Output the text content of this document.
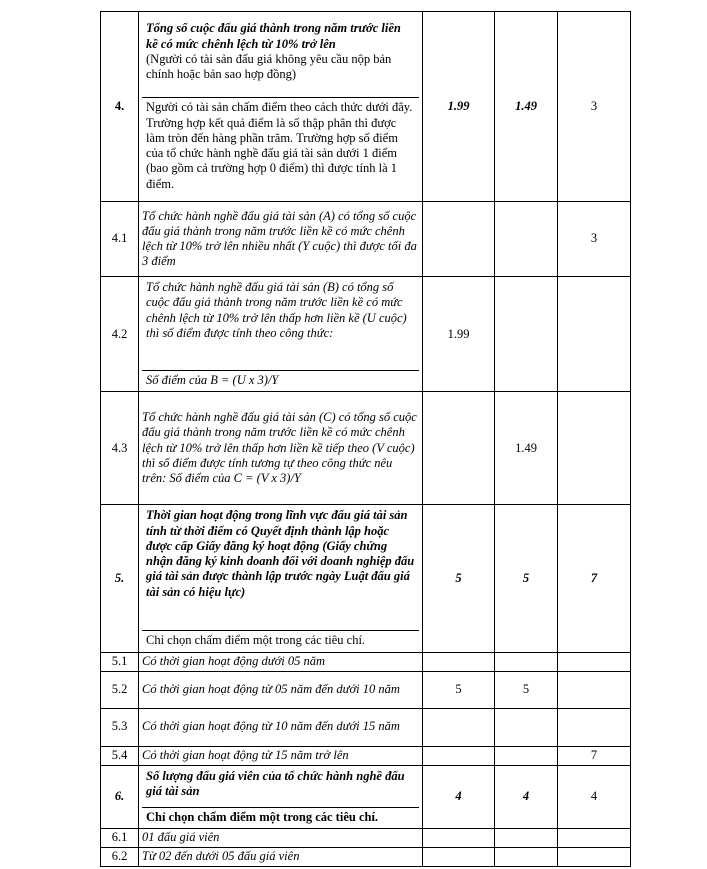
4.	Tổng số cuộc đấu giá thành trong năm trước liền kề có mức chênh lệch từ 10% trở lên
(Người có tài sản đấu giá không yêu cầu nộp bản chính hoặc bản sao hợp đồng)
Người có tài sản chấm điểm theo cách thức dưới đây. Trường hợp kết quả điểm là số thập phân thì được làm tròn đến hàng phần trăm. Trường hợp số điểm của tổ chức hành nghề đấu giá tài sản dưới 1 điểm (bao gồm cả trường hợp 0 điểm) thì được tính là 1 điểm.	1.99	1.49	3
4.1	Tổ chức hành nghề đấu giá tài sản (A) có tổng số cuộc đấu giá thành trong năm trước liền kề có mức chênh lệch từ 10% trở lên nhiều nhất (Y cuộc) thì được tối đa 3 điểm			3
4.2	Tổ chức hành nghề đấu giá tài sản (B) có tổng số cuộc đấu giá thành trong năm trước liền kề có mức chênh lệch từ 10% trở lên thấp hơn liền kề (U cuộc) thì số điểm được tính theo công thức:
Số điểm của B = (U x 3)/Y	1.99		
4.3	Tổ chức hành nghề đấu giá tài sản (C) có tổng số cuộc đấu giá thành trong năm trước liền kề có mức chênh lệch từ 10% trở lên thấp hơn liền kề tiếp theo (V cuộc) thì số điểm được tính tương tự theo công thức nêu trên: Số điểm của C = (V x 3)/Y		1.49	
5.	Thời gian hoạt động trong lĩnh vực đấu giá tài sản tính từ thời điểm có Quyết định thành lập hoặc được cấp Giấy đăng ký hoạt động (Giấy chứng nhận đăng ký kinh doanh đối với doanh nghiệp đấu giá tài sản được thành lập trước ngày Luật đấu giá tài sản có hiệu lực)
Chỉ chọn chấm điểm một trong các tiêu chí.	5	5	7
5.1	Có thời gian hoạt động dưới 05 năm			
5.2	Có thời gian hoạt động từ 05 năm đến dưới 10 năm	5	5	
5.3	Có thời gian hoạt động từ 10 năm đến dưới 15 năm			
5.4	Có thời gian hoạt động từ 15 năm trở lên			7
6.	Số lượng đấu giá viên của tổ chức hành nghề đấu giá tài sản
Chỉ chọn chấm điểm một trong các tiêu chí.	4	4	4
6.1	01 đấu giá viên			
6.2	Từ 02 đến dưới 05 đấu giá viên			
